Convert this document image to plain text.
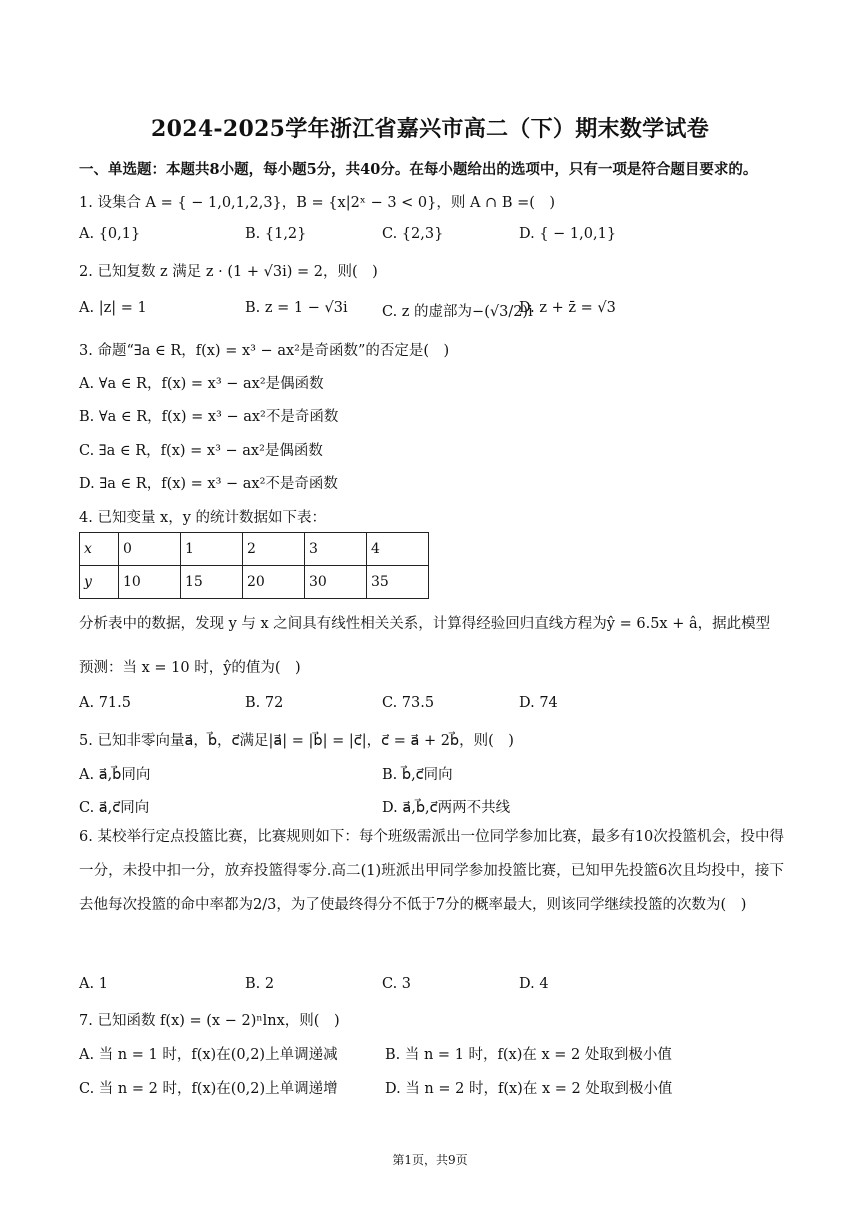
2024-2025学年浙江省嘉兴市高二（下）期末数学试卷
一、单选题：本题共8小题，每小题5分，共40分。在每小题给出的选项中，只有一项是符合题目要求的。
1. 设集合 A = { − 1,0,1,2,3}，B = {x|2ˣ − 3 < 0}，则 A ∩ B =(　)
A. {0,1}	B. {1,2}	C. {2,3}	D. { − 1,0,1}
2. 已知复数 z 满足 z · (1 + √3i) = 2，则(　)
A. |z| = 1	B. z = 1 − √3i C. z 的虚部为−(√3/2)i
D. z + z̄ = √3
3. 命题“∃a ∈ R，f(x) = x³ − ax²是奇函数”的否定是(　)
A. ∀a ∈ R，f(x) = x³ − ax²是偶函数
B. ∀a ∈ R，f(x) = x³ − ax²不是奇函数
C. ∃a ∈ R，f(x) = x³ − ax²是偶函数
D. ∃a ∈ R，f(x) = x³ − ax²不是奇函数
4. 已知变量 x，y 的统计数据如下表：
x	0	1	2	3	4
y	10	15	20	30	35
分析表中的数据，发现 y 与 x 之间具有线性相关关系，计算得经验回归直线方程为ŷ = 6.5x + â，据此模型
预测：当 x = 10 时，ŷ的值为(　)
A. 71.5	B. 72	C. 73.5	D. 74
5. 已知非零向量a⃗，b⃗，c⃗满足|a⃗| = |b⃗| = |c⃗|，c⃗ = a⃗ + 2b⃗，则(　)
A. a⃗,b⃗同向	B. b⃗,c⃗同向
C. a⃗,c⃗同向	D. a⃗,b⃗,c⃗两两不共线
6. 某校举行定点投篮比赛，比赛规则如下：每个班级需派出一位同学参加比赛，最多有10次投篮机会，投中得一分，未投中扣一分，放弃投篮得零分.高二(1)班派出甲同学参加投篮比赛，已知甲先投篮6次且均投中，接下去他每次投篮的命中率都为2/3，为了使最终得分不低于7分的概率最大，则该同学继续投篮的次数为(　)
A. 1	B. 2	C. 3	D. 4
7. 已知函数 f(x) = (x − 2)ⁿlnx，则(　)
A. 当 n = 1 时，f(x)在(0,2)上单调递减	B. 当 n = 1 时，f(x)在 x = 2 处取到极小值
C. 当 n = 2 时，f(x)在(0,2)上单调递增	D. 当 n = 2 时，f(x)在 x = 2 处取到极小值
第1页，共9页
